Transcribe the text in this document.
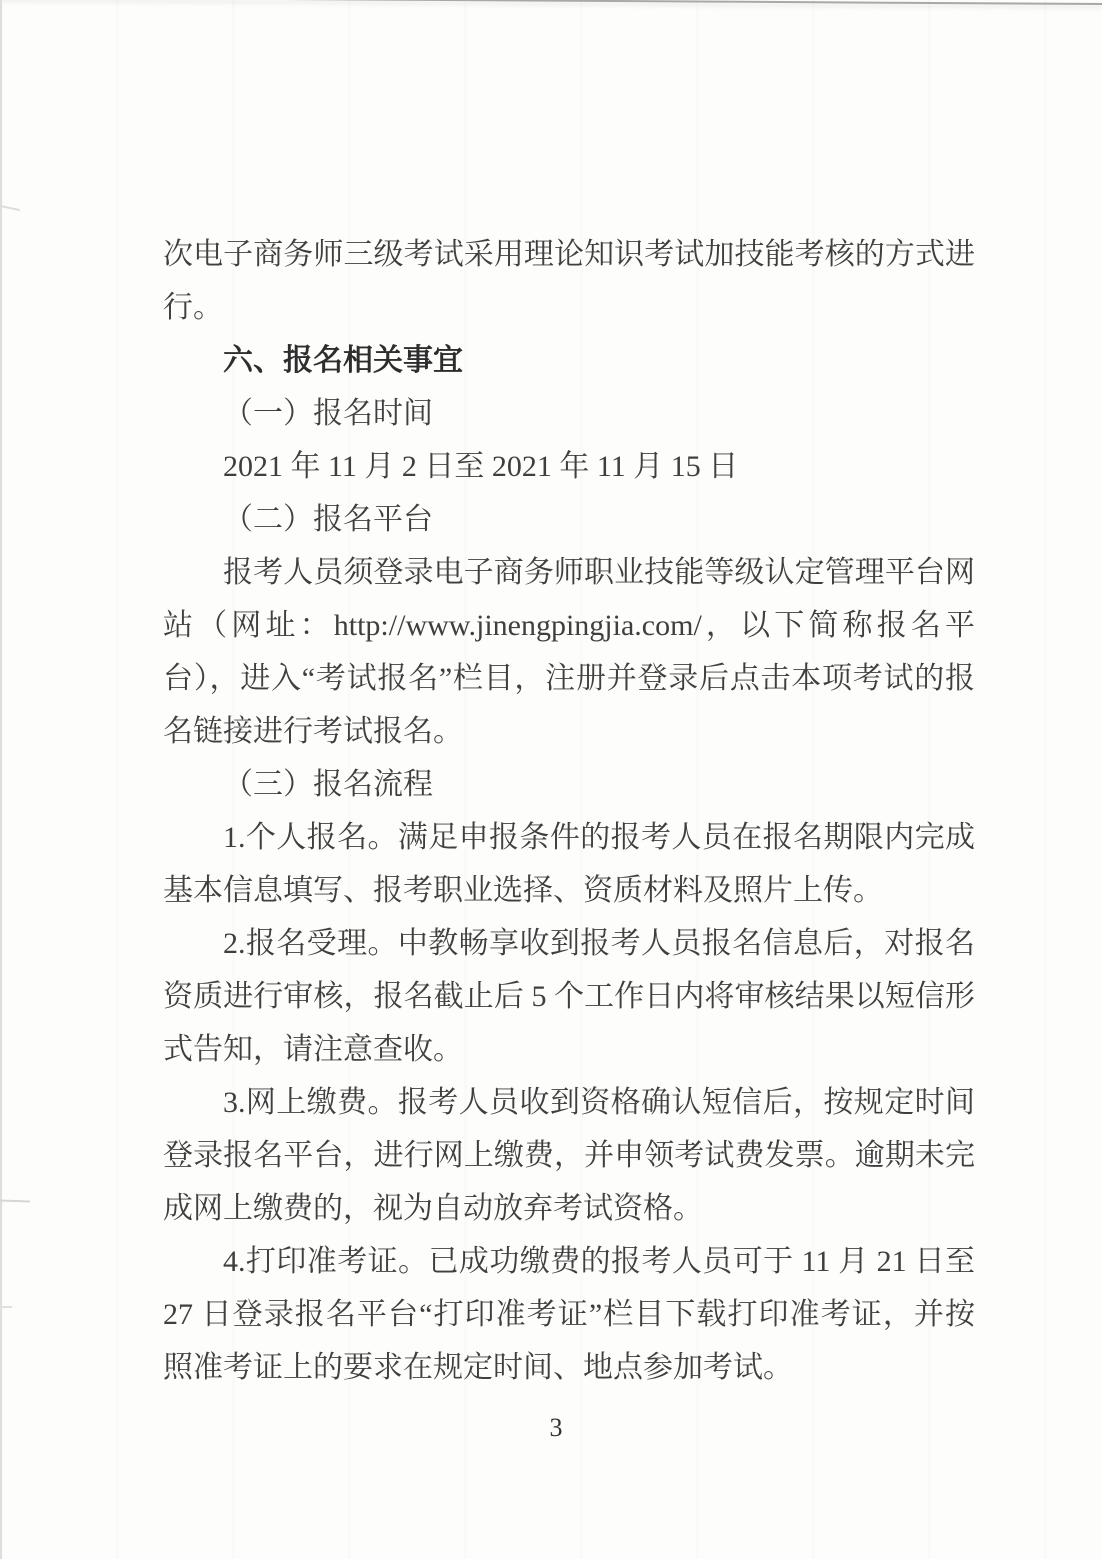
次电子商务师三级考试采用理论知识考试加技能考核的方式进行。

六、报名相关事宜

（一）报名时间

2021 年 11 月 2 日至 2021 年 11 月 15 日

（二）报名平台

报考人员须登录电子商务师职业技能等级认定管理平台网站（网址：http://www.jinengpingjia.com/，以下简称报名平台），进入“考试报名”栏目，注册并登录后点击本项考试的报名链接进行考试报名。

（三）报名流程

1.个人报名。满足申报条件的报考人员在报名期限内完成基本信息填写、报考职业选择、资质材料及照片上传。

2.报名受理。中教畅享收到报考人员报名信息后，对报名资质进行审核，报名截止后 5 个工作日内将审核结果以短信形式告知，请注意查收。

3.网上缴费。报考人员收到资格确认短信后，按规定时间登录报名平台，进行网上缴费，并申领考试费发票。逾期未完成网上缴费的，视为自动放弃考试资格。

4.打印准考证。已成功缴费的报考人员可于 11 月 21 日至 27 日登录报名平台“打印准考证”栏目下载打印准考证，并按照准考证上的要求在规定时间、地点参加考试。

3
